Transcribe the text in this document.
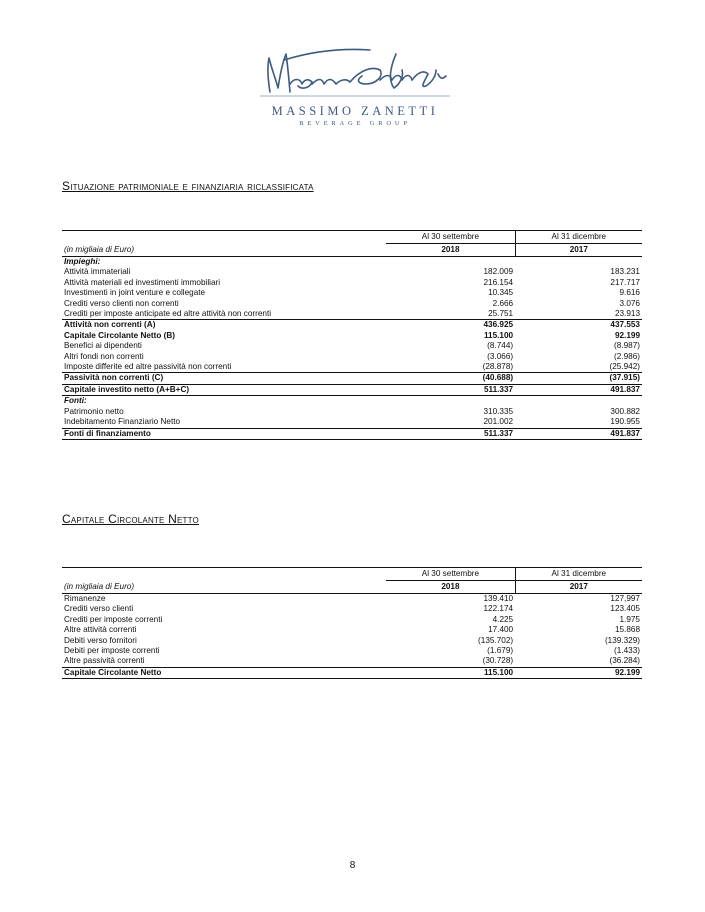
MASSIMO ZANETTI
BEVERAGE GROUP
Situazione patrimoniale e finanziaria riclassificata
	Al 30 settembre	Al 31 dicembre
(in migliaia di Euro)	2018	2017
Impieghi:		
Attività immateriali	182.009	183.231
Attività materiali ed investimenti immobiliari	216.154	217.717
Investimenti in joint venture e collegate	10.345	9.616
Crediti verso clienti non correnti	2.666	3.076
Crediti per imposte anticipate ed altre attività non correnti	25.751	23.913
Attività non correnti (A)	436.925	437.553
Capitale Circolante Netto (B)	115.100	92.199
Benefici ai dipendenti	(8.744)	(8.987)
Altri fondi non correnti	(3.066)	(2.986)
Imposte differite ed altre passività non correnti	(28.878)	(25.942)
Passività non correnti (C)	(40.688)	(37.915)
Capitale investito netto (A+B+C)	511.337	491.837
Fonti:		
Patrimonio netto	310.335	300.882
Indebitamento Finanziario Netto	201.002	190.955
Fonti di finanziamento	511.337	491.837
Capitale Circolante Netto
	Al 30 settembre	Al 31 dicembre
(in migliaia di Euro)	2018	2017
Rimanenze	139.410	127,997
Crediti verso clienti	122.174	123.405
Crediti per imposte correnti	4.225	1.975
Altre attività correnti	17.400	15.868
Debiti verso fornitori	(135.702)	(139.329)
Debiti per imposte correnti	(1.679)	(1.433)
Altre passività correnti	(30.728)	(36.284)
Capitale Circolante Netto	115.100	92.199
8
